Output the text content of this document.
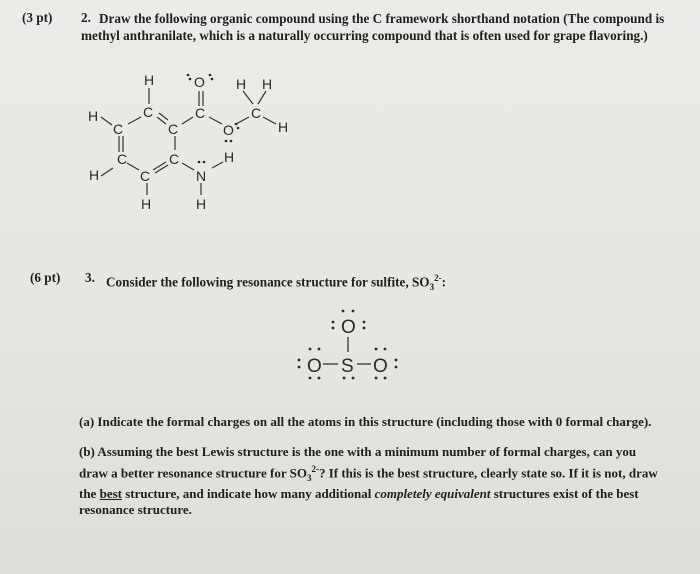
(3 pt) 2. Draw the following organic compound using the C framework shorthand notation (The compound is
methyl anthranilate, which is a naturally occurring compound that is often used for grape flavoring.)
H
H	C
C	C
C
H	C
C
N
H
H	H
O
C
O
C
H H
H
(6 pt) 3. Consider the following resonance structure for sulfite, $SO_3^{2-}$:
O
O S O

(a) Indicate the formal charges on all the atoms in this structure (including those with 0 formal charge).

(b) Assuming the best Lewis structure is the one with a minimum number of formal charges, can you

draw a better resonance structure for $SO_3^{2-}$? If this is the best structure, clearly state so. If it is not, draw

the best structure, and indicate how many additional completely equivalent structures exist of the best

resonance structure.
